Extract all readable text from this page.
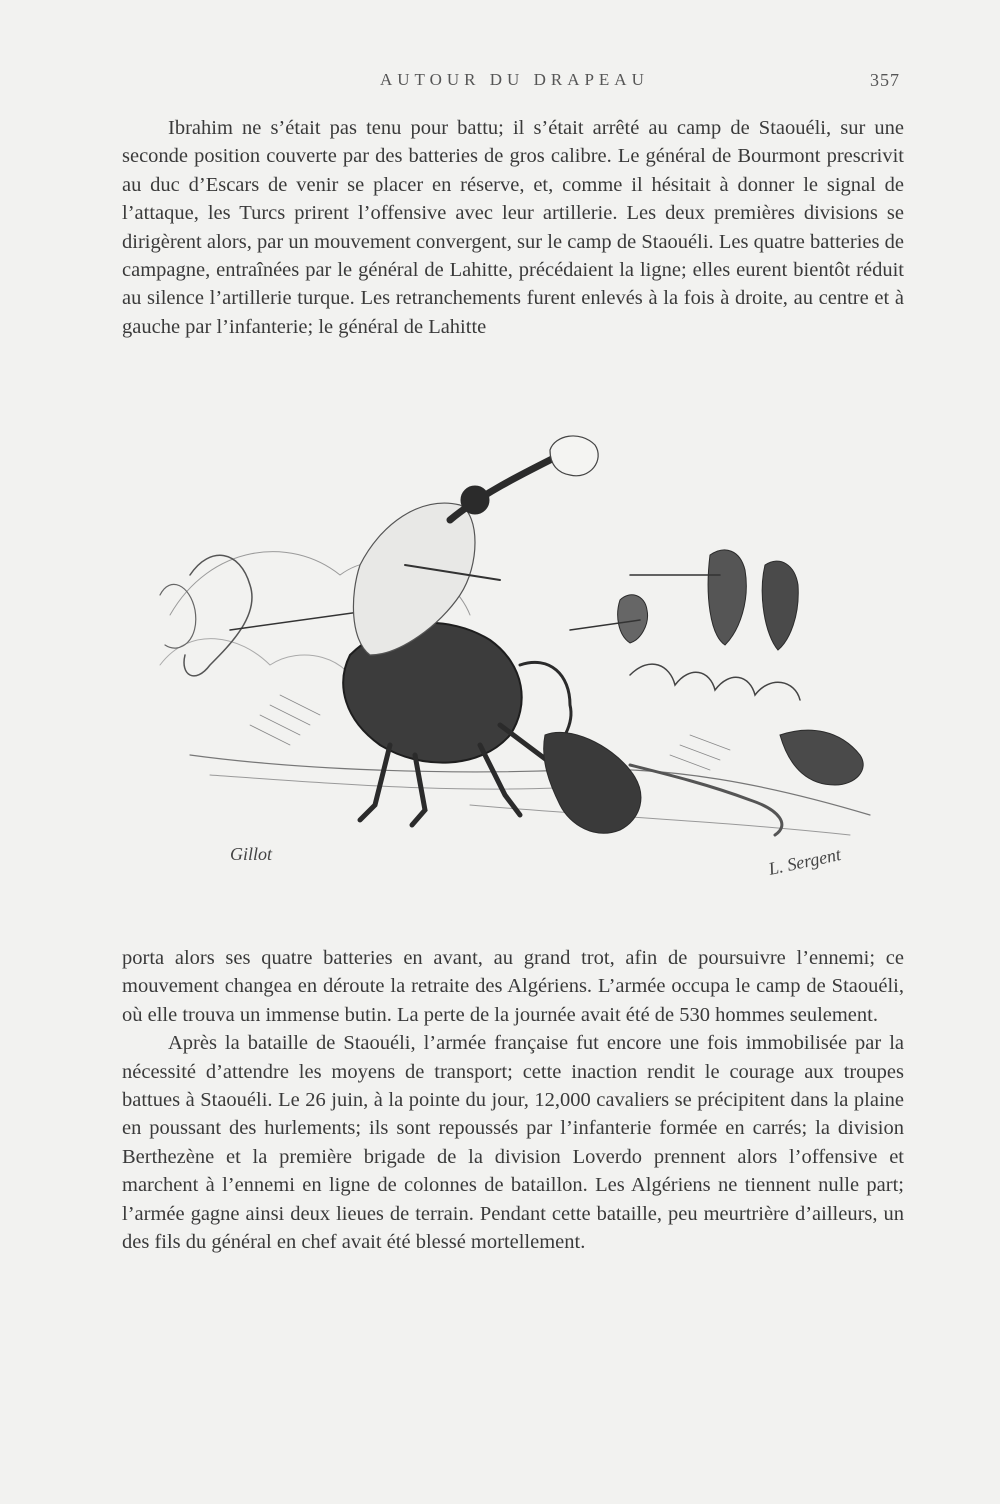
AUTOUR DU DRAPEAU	357

Ibrahim ne s’était pas tenu pour battu; il s’était arrêté au camp de Staouéli, sur une seconde position couverte par des batteries de gros calibre. Le général de Bourmont prescrivit au duc d’Escars de venir se placer en réserve, et, comme il hésitait à donner le signal de l’attaque, les Turcs prirent l’offensive avec leur artillerie. Les deux premières divisions se dirigèrent alors, par un mouvement convergent, sur le camp de Staouéli. Les quatre batteries de campagne, entraînées par le général de Lahitte, précédaient la ligne; elles eurent bientôt réduit au silence l’artillerie turque. Les retranchements furent enlevés à la fois à droite, au centre et à gauche par l’infanterie; le général de Lahitte

Gillot	L. Sergent

porta alors ses quatre batteries en avant, au grand trot, afin de poursuivre l’ennemi; ce mouvement changea en déroute la retraite des Algériens. L’armée occupa le camp de Staouéli, où elle trouva un immense butin. La perte de la journée avait été de 530 hommes seulement.

Après la bataille de Staouéli, l’armée française fut encore une fois immobilisée par la nécessité d’attendre les moyens de transport; cette inaction rendit le courage aux troupes battues à Staouéli. Le 26 juin, à la pointe du jour, 12,000 cavaliers se précipitent dans la plaine en poussant des hurlements; ils sont repoussés par l’infanterie formée en carrés; la division Berthezène et la première brigade de la division Loverdo prennent alors l’offensive et marchent à l’ennemi en ligne de colonnes de bataillon. Les Algériens ne tiennent nulle part; l’armée gagne ainsi deux lieues de terrain. Pendant cette bataille, peu meurtrière d’ailleurs, un des fils du général en chef avait été blessé mortellement.
